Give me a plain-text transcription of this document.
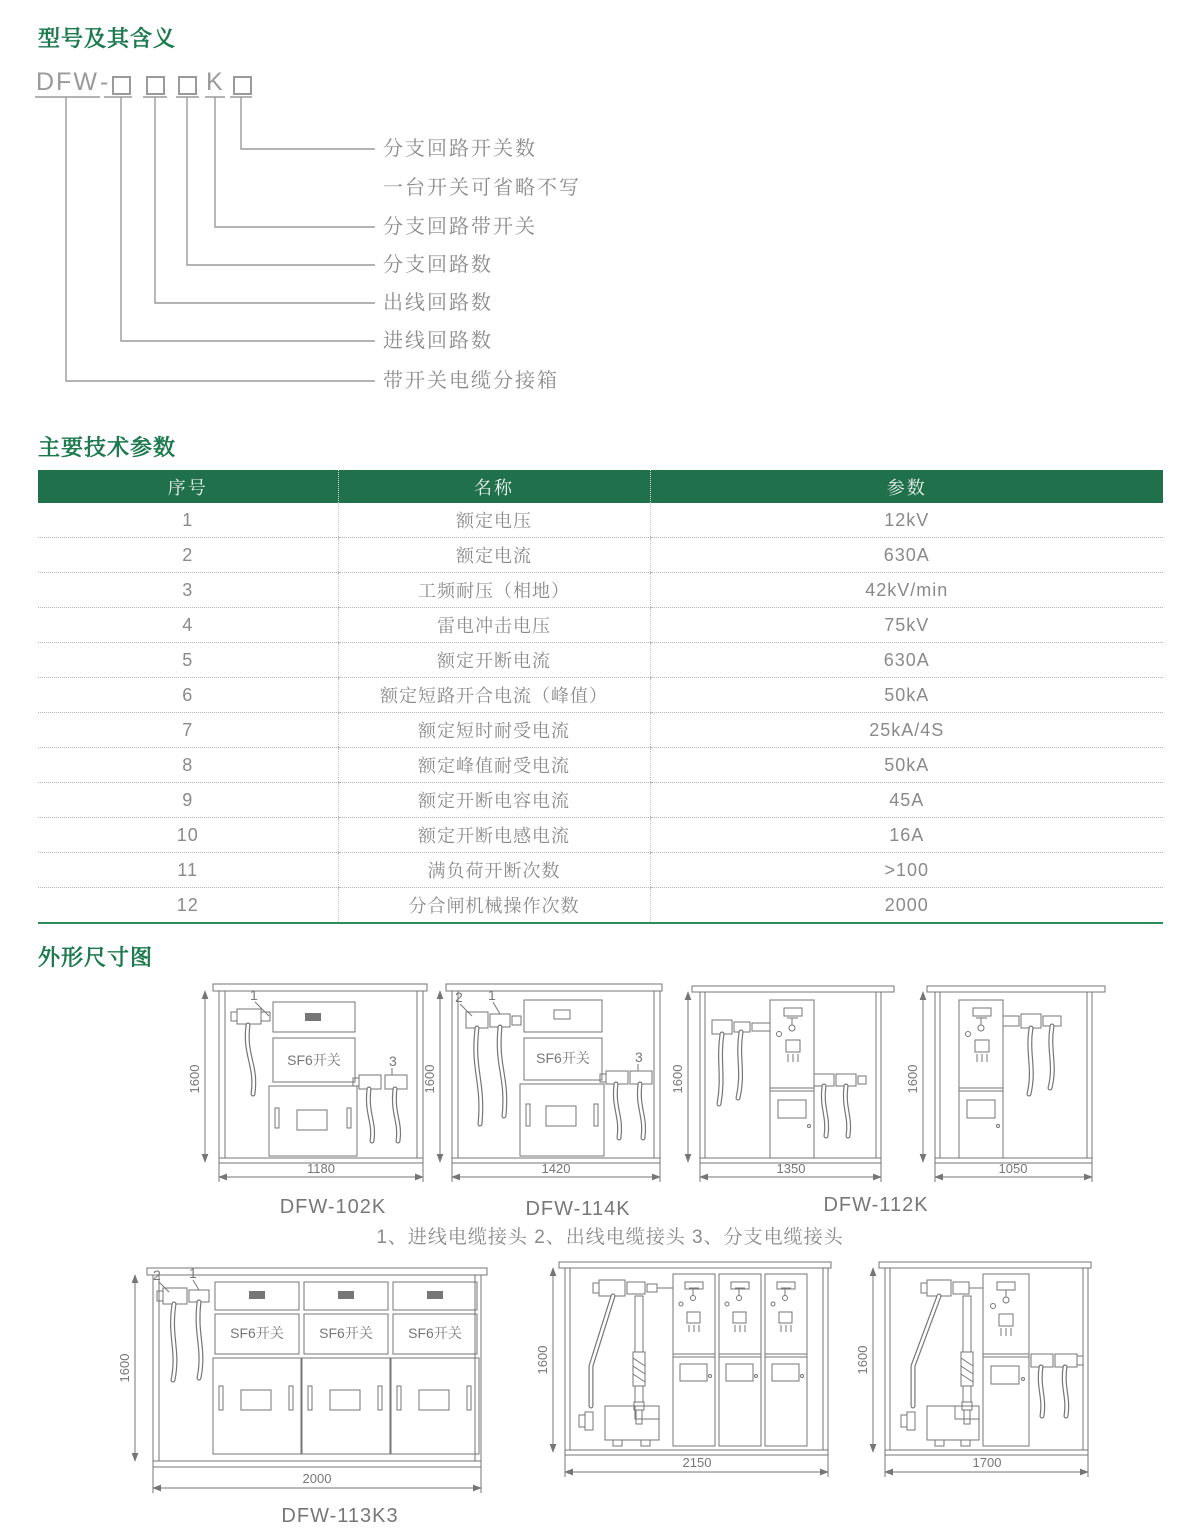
型号及其含义
DFW -	K
分支回路开关数
一台开关可省略不写
分支回路带开关
分支回路数
出线回路数
进线回路数
带开关电缆分接箱
主要技术参数
序号	名称	参数
1	额定电压	12kV
2	额定电流	630A
3	工频耐压（相地）	42kV/min
4	雷电冲击电压	75kV
5	额定开断电流	630A
6	额定短路开合电流（峰值）	50kA
7	额定短时耐受电流	25kA/4S
8	额定峰值耐受电流	50kA
9	额定开断电容电流	45A
10	额定开断电感电流	16A
11	满负荷开断次数	>100
12	分合闸机械操作次数	2000
外形尺寸图
1600
SF6开关
1
3
1180
DFW-102K
1600
SF6开关
2 1
3
1420
DFW-114K
1600
1350
DFW-112K
1600
1050
1、进线电缆接头 2、出线电缆接头 3、分支电缆接头
1600
SF6开关	SF6开关	SF6开关
2 1
2000
DFW-113K3
1600
2150
1600
1700
